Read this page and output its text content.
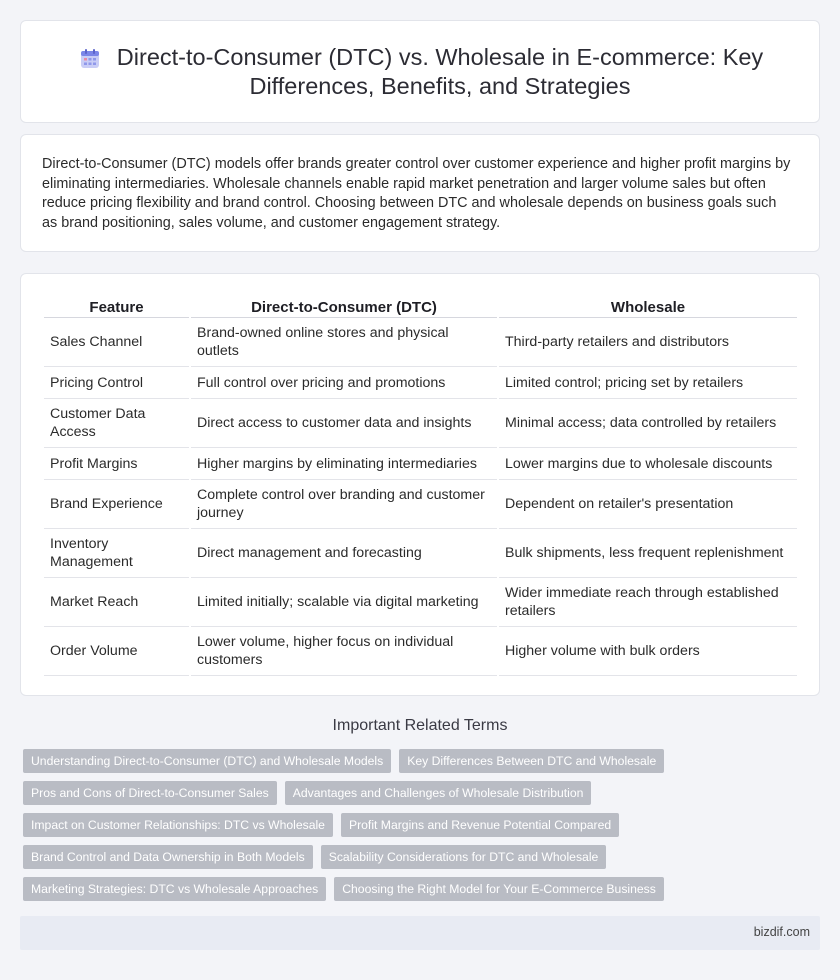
Direct-to-Consumer (DTC) vs. Wholesale in E-commerce: Key Differences, Benefits, and Strategies

Direct-to-Consumer (DTC) models offer brands greater control over customer experience and higher profit margins by eliminating intermediaries. Wholesale channels enable rapid market penetration and larger volume sales but often reduce pricing flexibility and brand control. Choosing between DTC and wholesale depends on business goals such as brand positioning, sales volume, and customer engagement strategy.

Feature	Direct-to-Consumer (DTC)	Wholesale
Sales Channel	Brand-owned online stores and physical outlets	Third-party retailers and distributors
Pricing Control	Full control over pricing and promotions	Limited control; pricing set by retailers
Customer Data Access	Direct access to customer data and insights	Minimal access; data controlled by retailers
Profit Margins	Higher margins by eliminating intermediaries	Lower margins due to wholesale discounts
Brand Experience	Complete control over branding and customer journey	Dependent on retailer's presentation
Inventory Management	Direct management and forecasting	Bulk shipments, less frequent replenishment
Market Reach	Limited initially; scalable via digital marketing	Wider immediate reach through established retailers
Order Volume	Lower volume, higher focus on individual customers	Higher volume with bulk orders
Important Related Terms
Understanding Direct-to-Consumer (DTC) and Wholesale Models	Key Differences Between DTC and Wholesale
Pros and Cons of Direct-to-Consumer Sales	Advantages and Challenges of Wholesale Distribution
Impact on Customer Relationships: DTC vs Wholesale	Profit Margins and Revenue Potential Compared
Brand Control and Data Ownership in Both Models	Scalability Considerations for DTC and Wholesale
Marketing Strategies: DTC vs Wholesale Approaches	Choosing the Right Model for Your E-Commerce Business
bizdif.com
